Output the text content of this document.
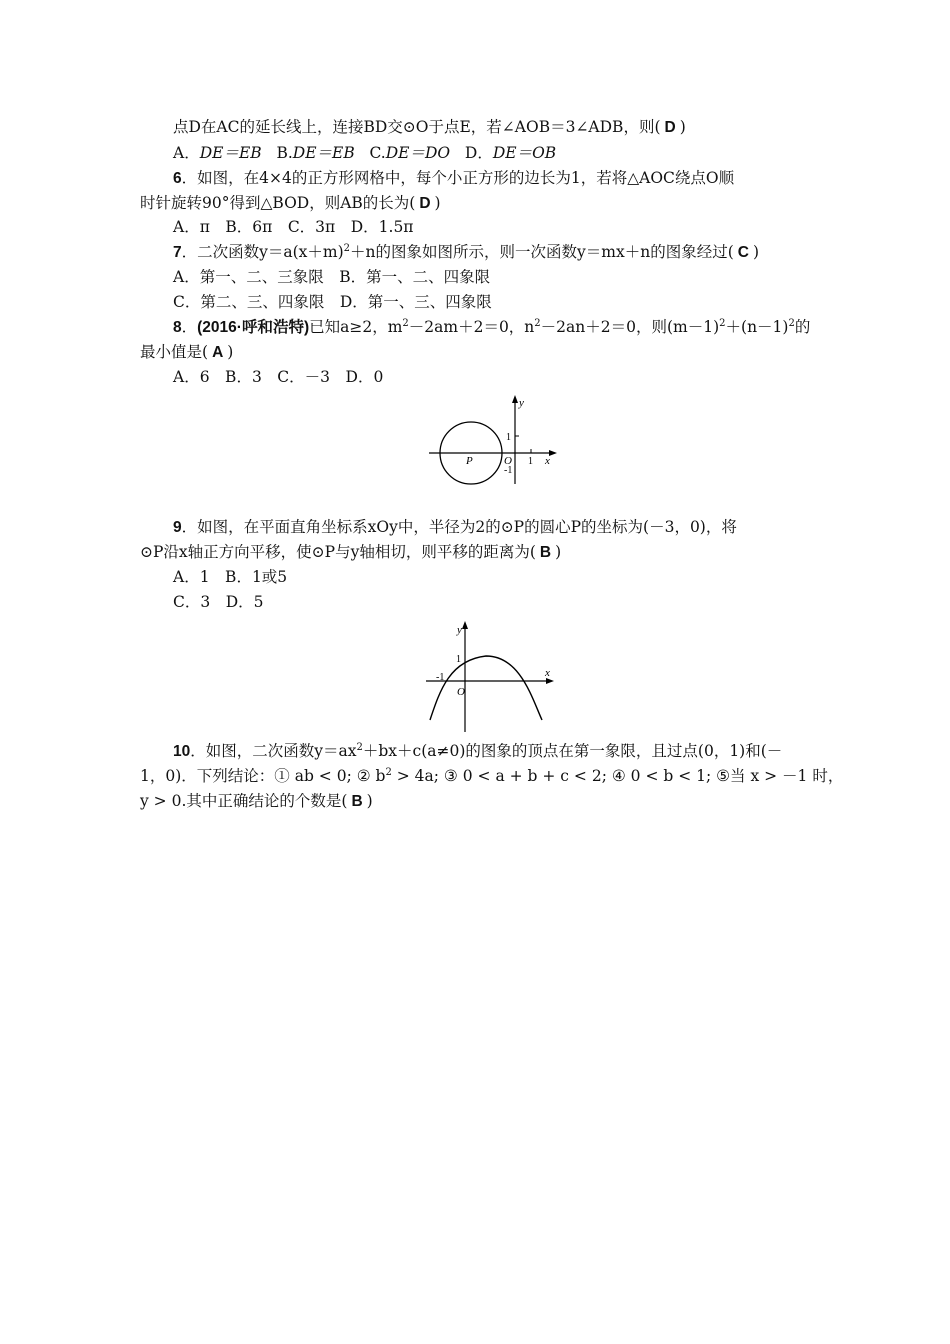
点D在AC的延长线上，连接BD交⊙O于点E，若∠AOB＝3∠ADB，则( D )
A．DE＝EB B.DE＝EB C.DE＝DO D．DE＝OB
6．如图，在4×4的正方形网格中，每个小正方形的边长为1，若将△AOC绕点O顺
时针旋转90°得到△BOD，则AB的长为( D )
A．π　B．6π　C．3π　D．1.5π
7．二次函数$y=a(x+m)^2+n$的图象如图所示，则一次函数y＝mx＋n的图象经过( C )
A．第一、二、三象限　B．第一、二、四象限
C．第二、三、四象限　D．第一、三、四象限
8．(2016·呼和浩特)已知a≥2，$m^2-2am+2=0$，$n^2-2an+2=0$，则$(m-1)^2+(n-1)^2$的
最小值是( A )
A．6　B．3　C．－3　D．0
y
x
O
P
1
-1
1
9．如图，在平面直角坐标系xOy中，半径为2的⊙P的圆心P的坐标为(－3，0)，将
⊙P沿x轴正方向平移，使⊙P与y轴相切，则平移的距离为( B )
A．1　B．1或5
C．3　D．5
y
x
O
1
-1
10．如图，二次函数$y=ax^2+bx+c(a\ne 0)$的图象的顶点在第一象限，且过点(0，1)和(－
1，0)．下列结论：① ab < 0; ② $b^2 > 4a$; ③ 0 < a + b + c < 2; ④ 0 < b < 1; ⑤当 x > －1 时，
y > 0.其中正确结论的个数是( B )
